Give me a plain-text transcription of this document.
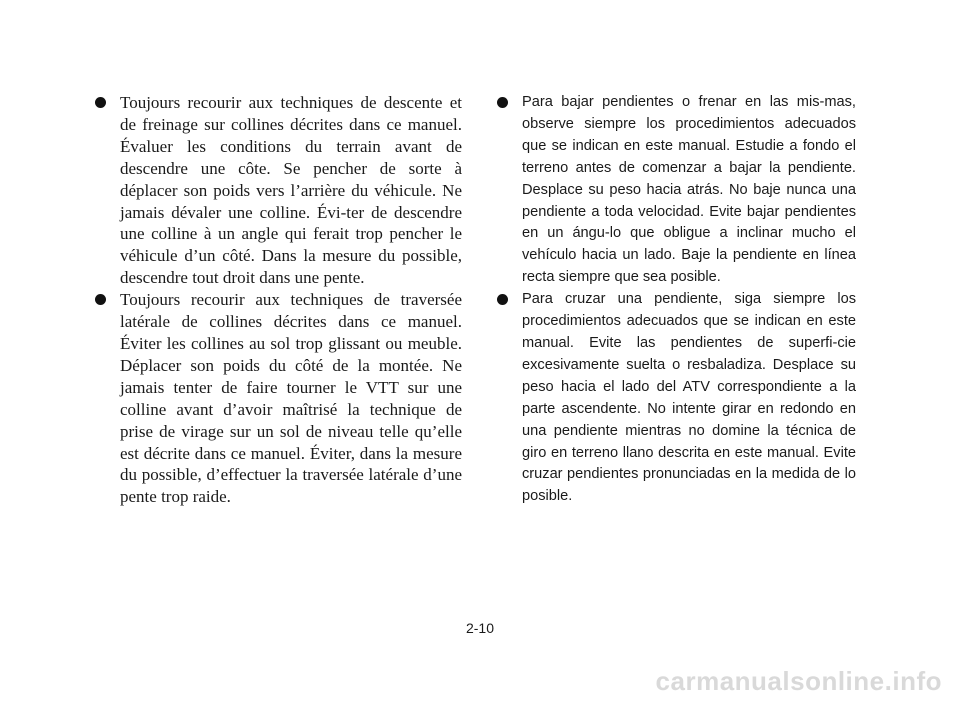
Toujours recourir aux techniques de descente et de freinage sur collines décrites dans ce manuel. Évaluer les conditions du terrain avant de descendre une côte. Se pencher de sorte à déplacer son poids vers l’arrière du véhicule. Ne jamais dévaler une colline. Évi-ter de descendre une colline à un angle qui ferait trop pencher le véhicule d’un côté. Dans la mesure du possible, descendre tout droit dans une pente.
Toujours recourir aux techniques de traversée latérale de collines décrites dans ce manuel. Éviter les collines au sol trop glissant ou meuble. Déplacer son poids du côté de la montée. Ne jamais tenter de faire tourner le VTT sur une colline avant d’avoir maîtrisé la technique de prise de virage sur un sol de niveau telle qu’elle est décrite dans ce manuel. Éviter, dans la mesure du possible, d’effectuer la traversée latérale d’une pente trop raide.
Para bajar pendientes o frenar en las mis-mas, observe siempre los procedimientos adecuados que se indican en este manual. Estudie a fondo el terreno antes de comenzar a bajar la pendiente. Desplace su peso hacia atrás. No baje nunca una pendiente a toda velocidad. Evite bajar pendientes en un ángu-lo que obligue a inclinar mucho el vehículo hacia un lado. Baje la pendiente en línea recta siempre que sea posible.
Para cruzar una pendiente, siga siempre los procedimientos adecuados que se indican en este manual. Evite las pendientes de superfi-cie excesivamente suelta o resbaladiza. Desplace su peso hacia el lado del ATV correspondiente a la parte ascendente. No intente girar en redondo en una pendiente mientras no domine la técnica de giro en terreno llano descrita en este manual. Evite cruzar pendientes pronunciadas en la medida de lo posible.
2-10
carmanualsonline.info
